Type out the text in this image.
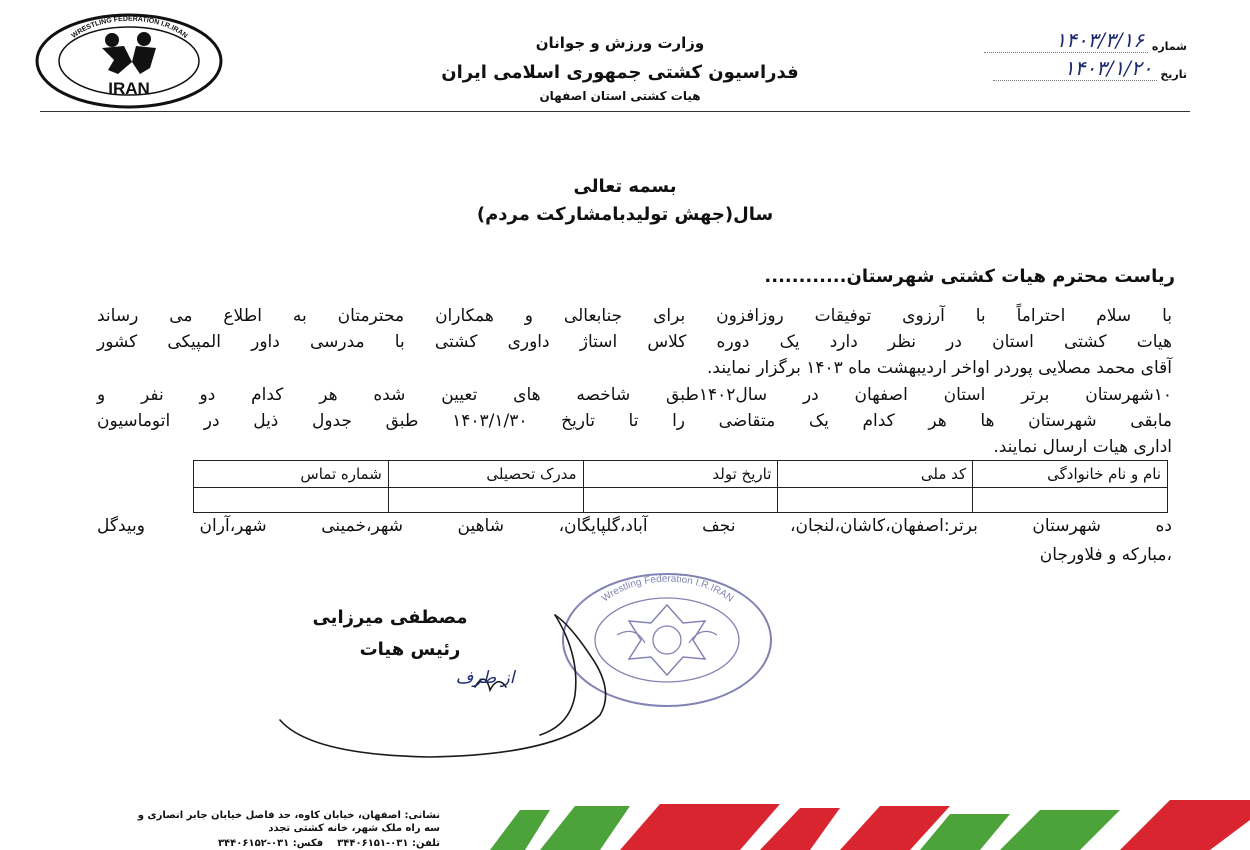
IRAN
WRESTLING FEDERATION I.R.IRAN	وزارت ورزش و جوانان
فدراسیون کشتی جمهوری اسلامی ایران
هیات کشتی استان اصفهان
شماره ۱۴۰۳/۳/۱۶
تاریخ ۱۴۰۳/۱/۲۰
بسمه تعالی
سال(جهش تولیدبامشارکت مردم)
ریاست محترم هیات کشتی شهرستان............
با سلام احتراماً با آرزوی توفیقات روزافزون برای جنابعالی و همکاران محترمتان به اطلاع می رساند
هیات کشتی استان در نظر دارد یک دوره کلاس استاژ داوری کشتی با مدرسی داور المپیکی کشور
آقای محمد مصلایی پوردر اواخر اردیبهشت ماه ۱۴۰۳ برگزار نمایند.
۱۰شهرستان برتر استان اصفهان در سال۱۴۰۲طبق شاخصه های تعیین شده هر کدام دو نفر و
مابقی شهرستان ها هر کدام یک متقاضی را تا تاریخ ۱۴۰۳/۱/۳۰ طبق جدول ذیل در اتوماسیون
اداری هیات ارسال نمایند.
نام و نام خانوادگی	کد ملی	تاریخ تولد	مدرک تحصیلی	شماره تماس

ده شهرستان برتر:اصفهان،کاشان،لنجان، نجف آباد،گلپایگان، شاهین شهر،خمینی شهر،آران وبیدگل
،مبارکه و فلاورجان
Wrestling Federation I.R.IRAN
مصطفی میرزایی
رئیس هیات
از طرف
نشانی: اصفهان، خیابان کاوه، حد فاصل خیابان جابر انصاری و
سه راه ملک شهر، خانه کشتی تجدد
تلفن: ۰۳۱-۳۴۴۰۶۱۵۱    فکس: ۰۳۱-۳۴۴۰۶۱۵۲
